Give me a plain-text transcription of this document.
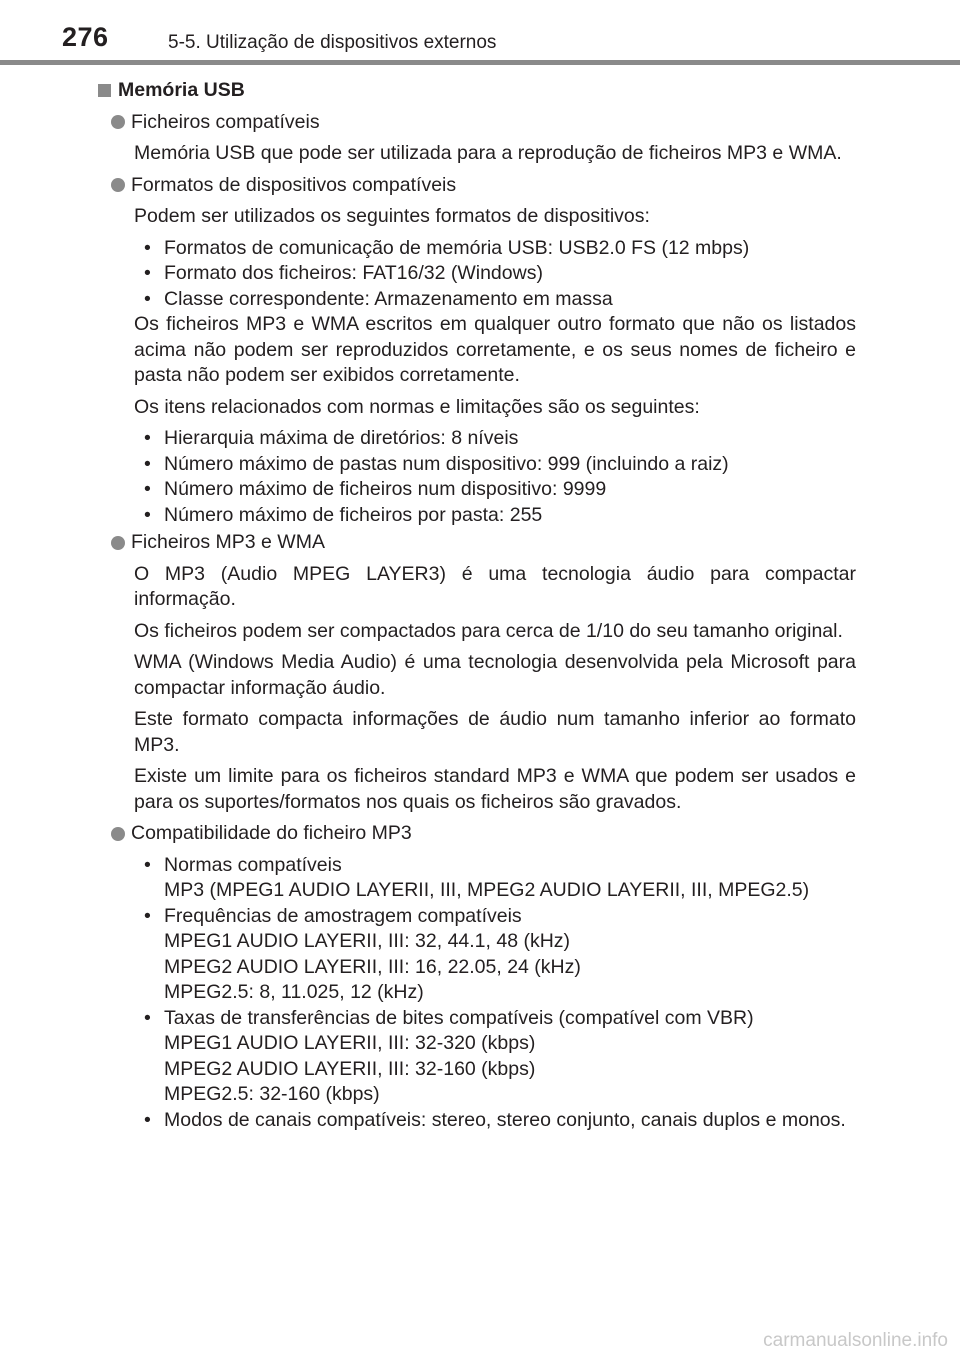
276	5-5. Utilização de dispositivos externos
Memória USB
Ficheiros compatíveis
Memória USB que pode ser utilizada para a reprodução de ficheiros MP3 e WMA.
Formatos de dispositivos compatíveis
Podem ser utilizados os seguintes formatos de dispositivos:
• Formatos de comunicação de memória USB: USB2.0 FS (12 mbps)
• Formato dos ficheiros: FAT16/32 (Windows)
• Classe correspondente: Armazenamento em massa
Os ficheiros MP3 e WMA escritos em qualquer outro formato que não os listados acima não podem ser reproduzidos corretamente, e os seus nomes de ficheiro e pasta não podem ser exibidos corretamente.
Os itens relacionados com normas e limitações são os seguintes:
• Hierarquia máxima de diretórios: 8 níveis
• Número máximo de pastas num dispositivo: 999 (incluindo a raiz)
• Número máximo de ficheiros num dispositivo: 9999
• Número máximo de ficheiros por pasta: 255
Ficheiros MP3 e WMA
O MP3 (Audio MPEG LAYER3) é uma tecnologia áudio para compactar informação.
Os ficheiros podem ser compactados para cerca de 1/10 do seu tamanho original.
WMA (Windows Media Audio) é uma tecnologia desenvolvida pela Microsoft para compactar informação áudio.
Este formato compacta informações de áudio num tamanho inferior ao formato MP3.
Existe um limite para os ficheiros standard MP3 e WMA que podem ser usados e para os suportes/formatos nos quais os ficheiros são gravados.
Compatibilidade do ficheiro MP3
• Normas compatíveis
MP3 (MPEG1 AUDIO LAYERII, III, MPEG2 AUDIO LAYERII, III, MPEG2.5)
• Frequências de amostragem compatíveis
MPEG1 AUDIO LAYERII, III: 32, 44.1, 48 (kHz)
MPEG2 AUDIO LAYERII, III: 16, 22.05, 24 (kHz)
MPEG2.5: 8, 11.025, 12 (kHz)
• Taxas de transferências de bites compatíveis (compatível com VBR)
MPEG1 AUDIO LAYERII, III: 32-320 (kbps)
MPEG2 AUDIO LAYERII, III: 32-160 (kbps)
MPEG2.5: 32-160 (kbps)
• Modos de canais compatíveis: stereo, stereo conjunto, canais duplos e monos.
carmanualsonline.info
